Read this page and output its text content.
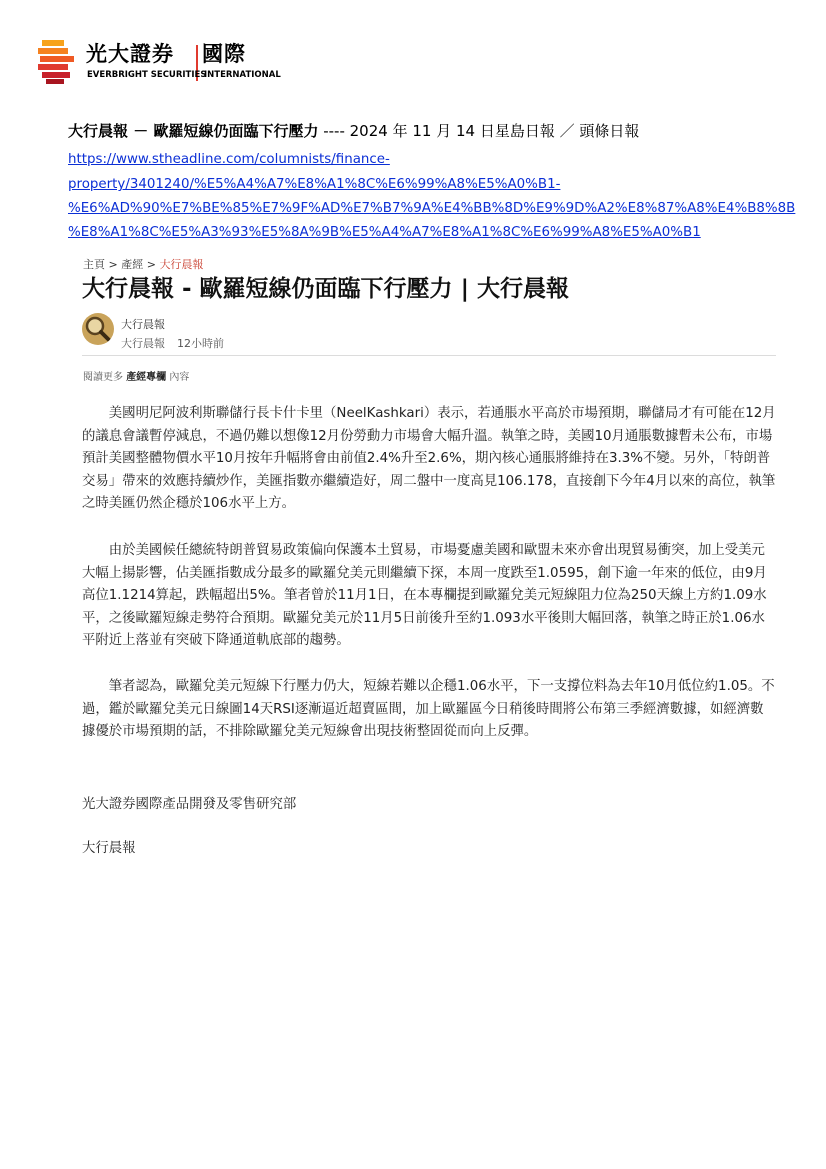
光大證券 國際
EVERBRIGHT SECURITIES
INTERNATIONAL
大行晨報 － 歐羅短線仍面臨下行壓力 ---- 2024 年 11 月 14 日星島日報 ／ 頭條日報
https://www.stheadline.com/columnists/finance-
property/3401240/%E5%A4%A7%E8%A1%8C%E6%99%A8%E5%A0%B1-
%E6%AD%90%E7%BE%85%E7%9F%AD%E7%B7%9A%E4%BB%8D%E9%9D%A2%E8%87%A8%E4%B8%8B
%E8%A1%8C%E5%A3%93%E5%8A%9B%E5%A4%A7%E8%A1%8C%E6%99%A8%E5%A0%B1
主頁 > 產經 > 大行晨報
大行晨報 - 歐羅短線仍面臨下行壓力 | 大行晨報
大行晨報
大行晨報 12小時前
閱讀更多 產經專欄 內容
美國明尼阿波利斯聯儲行長卡什卡里（NeelKashkari）表示，若通脹水平高於市場預期，聯儲局才有可能在12月的議息會議暫停減息，不過仍難以想像12月份勞動力市場會大幅升溫。執筆之時，美國10月通脹數據暫未公布，市場預計美國整體物價水平10月按年升幅將會由前值2.4%升至2.6%，期內核心通脹將維持在3.3%不變。另外，「特朗普交易」帶來的效應持續炒作，美匯指數亦繼續造好，周二盤中一度高見106.178，直接創下今年4月以來的高位，執筆之時美匯仍然企穩於106水平上方。
由於美國候任總統特朗普貿易政策偏向保護本土貿易，市場憂慮美國和歐盟未來亦會出現貿易衝突，加上受美元大幅上揚影響，佔美匯指數成分最多的歐羅兌美元則繼續下探，本周一度跌至1.0595，創下逾一年來的低位，由9月高位1.1214算起，跌幅超出5%。筆者曾於11月1日，在本專欄提到歐羅兌美元短線阻力位為250天線上方約1.09水平，之後歐羅短線走勢符合預期。歐羅兌美元於11月5日前後升至約1.093水平後則大幅回落，執筆之時正於1.06水平附近上落並有突破下降通道軌底部的趨勢。
筆者認為，歐羅兌美元短線下行壓力仍大，短線若難以企穩1.06水平，下一支撐位料為去年10月低位約1.05。不過，鑑於歐羅兌美元日線圖14天RSI逐漸逼近超賣區間，加上歐羅區今日稍後時間將公布第三季經濟數據，如經濟數據優於市場預期的話，不排除歐羅兌美元短線會出現技術整固從而向上反彈。
光大證券國際產品開發及零售研究部
大行晨報
